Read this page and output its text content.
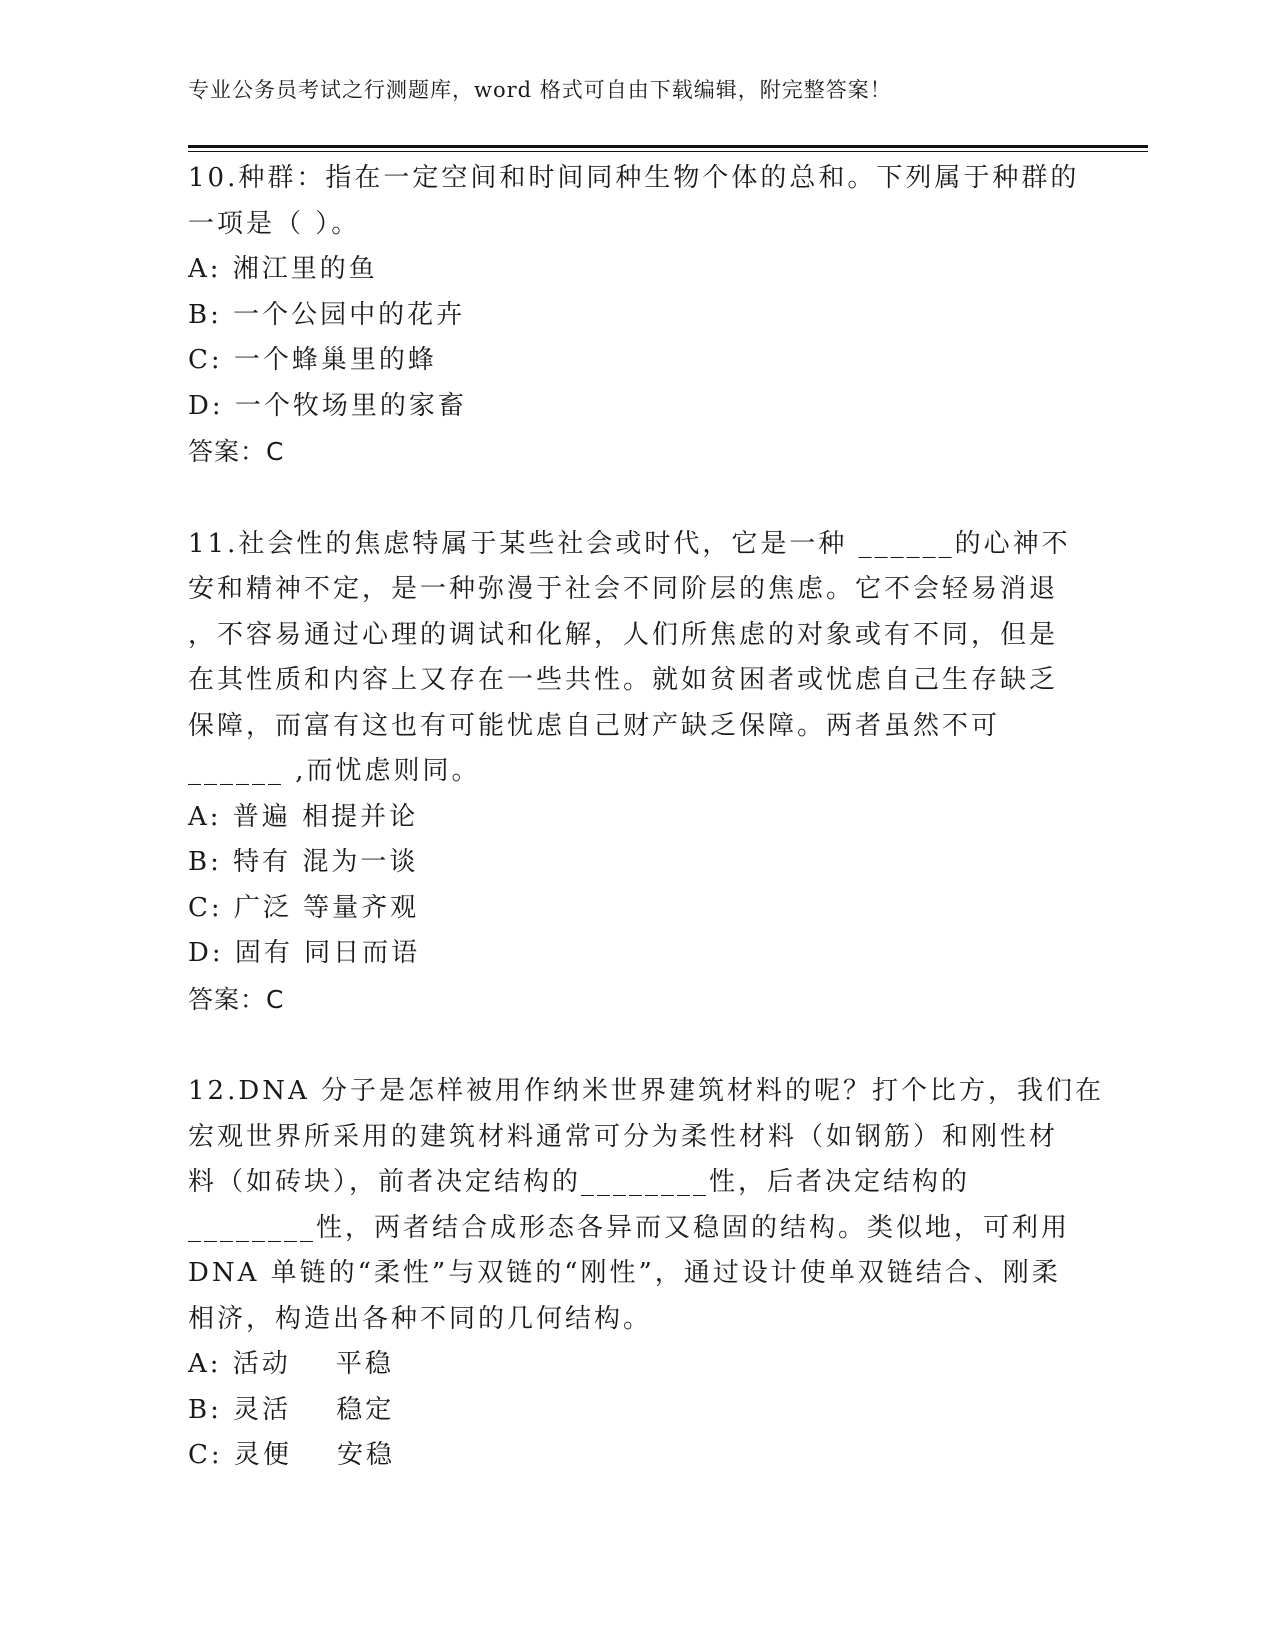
专业公务员考试之行测题库，word 格式可自由下载编辑，附完整答案！
10.种群：指在一定空间和时间同种生物个体的总和。下列属于种群的
一项是（ ）。
A: 湘江里的鱼
B: 一个公园中的花卉
C: 一个蜂巢里的蜂
D: 一个牧场里的家畜
答案：C
11.社会性的焦虑特属于某些社会或时代，它是一种 ______的心神不
安和精神不定，是一种弥漫于社会不同阶层的焦虑。它不会轻易消退
，不容易通过心理的调试和化解，人们所焦虑的对象或有不同，但是
在其性质和内容上又存在一些共性。就如贫困者或忧虑自己生存缺乏
保障，而富有这也有可能忧虑自己财产缺乏保障。两者虽然不可
______ ,而忧虑则同。
A: 普遍 相提并论
B: 特有 混为一谈
C: 广泛 等量齐观
D: 固有 同日而语
答案：C
12.DNA 分子是怎样被用作纳米世界建筑材料的呢？打个比方，我们在
宏观世界所采用的建筑材料通常可分为柔性材料（如钢筋）和刚性材
料（如砖块），前者决定结构的________性，后者决定结构的
________性，两者结合成形态各异而又稳固的结构。类似地，可利用
DNA 单链的“柔性”与双链的“刚性”，通过设计使单双链结合、刚柔
相济，构造出各种不同的几何结构。
A: 活动    平稳
B: 灵活    稳定
C: 灵便    安稳
